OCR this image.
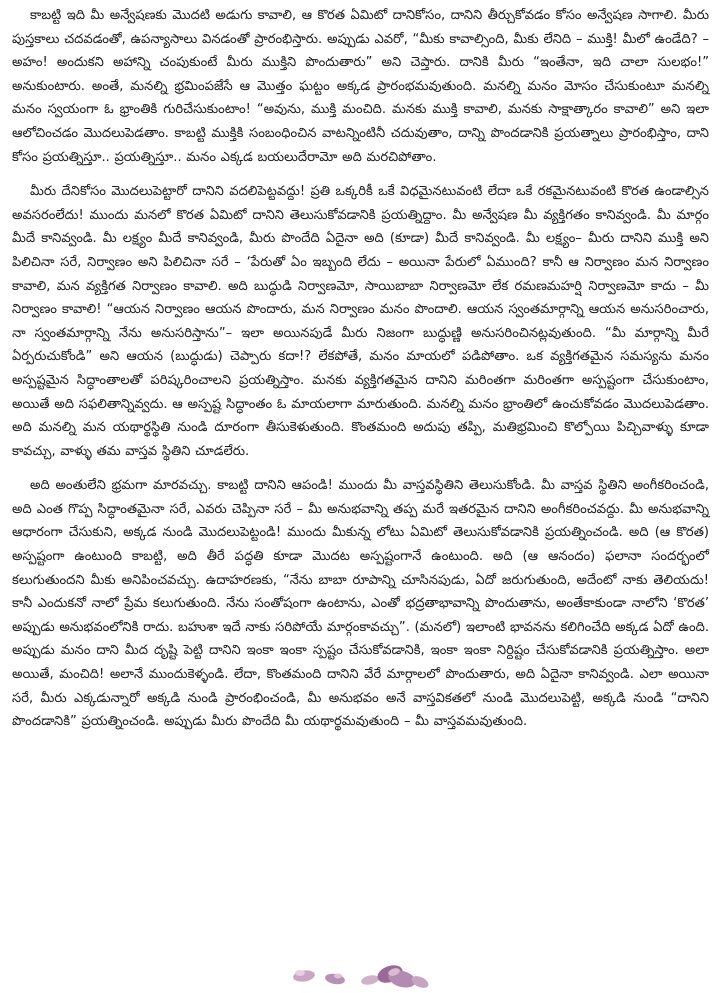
కాబట్టి ఇది మీ అన్వేషణకు మొదటి అడుగు కావాలి, ఆ కొరత ఏమిటో దానికోసం, దానిని తీర్చుకోవడం కోసం అన్వేషణ సాగాలి. మీరు పుస్తకాలు చదవడంతో, ఉపన్యాసాలు వినడంతో ప్రారంభిస్తారు. అప్పుడు ఎవరో, “మీకు కావాల్సింది, మీకు లేనిది – ముక్తి! మీలో ఉండేది? – అహం! అందుకని అహాన్ని చంపుకుంటే మీరు ముక్తిని పొందుతారు” అని చెప్తారు. దానికి మీరు “ఇంతేనా, ఇది చాలా సులభం!” అనుకుంటారు. అంతే, మనల్ని భ్రమింపజేసే ఆ మొత్తం ఘట్టం అక్కడ ప్రారంభమవుతుంది. మనల్ని మనం మోసం చేసుకుంటూ మనల్ని మనం స్వయంగా ఓ భ్రాంతికి గురిచేసుకుంటాం! “అవును, ముక్తి మంచిది. మనకు ముక్తి కావాలి, మనకు సాక్షాత్కారం కావాలి” అని ఇలా ఆలోచించడం మొదలుపెడతాం. కాబట్టి ముక్తికి సంబంధించిన వాటన్నింటినీ చదువుతాం, దాన్ని పొందడానికి ప్రయత్నాలు ప్రారంభిస్తాం, దాని కోసం ప్రయత్నిస్తూ.. ప్రయత్నిస్తూ.. మనం ఎక్కడ బయలుదేరామో అది మరచిపోతాం.

మీరు దేనికోసం మొదలుపెట్టారో దానిని వదలిపెట్టవద్దు! ప్రతి ఒక్కరికీ ఒకే విధమైనటువంటి లేదా ఒకే రకమైనటువంటి కొరత ఉండాల్సిన అవసరంలేదు! ముందు మనలో కొరత ఏమిటో దానిని తెలుసుకోవడానికి ప్రయత్నిద్దాం. మీ అన్వేషణ మీ వ్యక్తిగతం కానివ్వండి. మీ మార్గం మీదే కానివ్వండి. మీ లక్ష్యం మీదే కానివ్వండి, మీరు పొందేది ఏదైనా అది (కూడా) మీదే కానివ్వండి. మీ లక్ష్యం– మీరు దానిని ముక్తి అని పిలిచినా సరే, నిర్వాణం అని పిలిచినా సరే – ‘పేరుతో ఏం ఇబ్బంది లేదు – అయినా పేరులో ఏముంది? కానీ ఆ నిర్వాణం మన నిర్వాణం కావాలి, మన వ్యక్తిగత నిర్వాణం కావాలి. అది బుద్ధుడి నిర్వాణమో, సాయిబాబా నిర్వాణమో లేక రమణమహర్షి నిర్వాణమో కాదు – మీ నిర్వాణం కావాలి! “ఆయన నిర్వాణం ఆయన పొందారు, మన నిర్వాణం మనం పొందాలి. ఆయన స్వంతమార్గాన్ని ఆయన అనుసరించారు, నా స్వంతమార్గాన్ని నేను అనుసరిస్తాను”– ఇలా అయినపుడే మీరు నిజంగా బుద్ధుణ్ణి అనుసరించినట్లవుతుంది. “మీ మార్గాన్ని మీరే ఏర్పరుచుకోండి” అని ఆయన (బుద్ధుడు) చెప్పారు కదా!? లేకపోతే, మనం మాయలో పడిపోతాం. ఒక వ్యక్తిగతమైన సమస్యను మనం అస్పష్టమైన సిద్ధాంతాలతో పరిష్కరించాలని ప్రయత్నిస్తాం. మనకు వ్యక్తిగతమైన దానిని మరింతగా మరింతగా అస్పష్టంగా చేసుకుంటాం, అయితే అది సఫలితాన్నివ్వదు. ఆ అస్పష్ట సిద్ధాంతం ఓ మాయలాగా మారుతుంది. మనల్ని మనం భ్రాంతిలో ఉంచుకోవడం మొదలుపెడతాం. అది మనల్ని మన యథార్థస్థితి నుండి దూరంగా తీసుకెళుతుంది. కొంతమంది అదుపు తప్పి, మతిభ్రమించి కొల్పోయి పిచ్చివాళ్ళు కూడా కావచ్చు, వాళ్ళు తమ వాస్తవ స్థితిని చూడలేరు.

అది అంతులేని భ్రమగా మారవచ్చు. కాబట్టి దానిని ఆపండి! ముందు మీ వాస్తవస్థితిని తెలుసుకోండి. మీ వాస్తవ స్థితిని అంగీకరించండి, అది ఎంత గొప్ప సిద్ధాంతమైనా సరే, ఎవరు చెప్పినా సరే – మీ అనుభవాన్ని తప్ప మరే ఇతరమైన దానిని అంగీకరించవద్దు. మీ అనుభవాన్ని ఆధారంగా చేసుకుని, అక్కడ నుండి మొదలుపెట్టండి! ముందు మీకున్న లోటు ఏమిటో తెలుసుకోవడానికి ప్రయత్నించండి. అది (ఆ కొరత) అస్పష్టంగా ఉంటుంది కాబట్టి, అది తీరే పద్ధతి కూడా మొదట అస్పష్టంగానే ఉంటుంది. అది (ఆ ఆనందం) ఫలానా సందర్భంలో కలుగుతుందని మీకు అనిపించవచ్చు. ఉదాహరణకు, “నేను బాబా రూపాన్ని చూసినపుడు, ఏదో జరుగుతుంది, అదేంటో నాకు తెలియదు! కానీ ఎందుకనో నాలో ప్రేమ కలుగుతుంది. నేను సంతోషంగా ఉంటాను, ఎంతో భద్రతాభావాన్ని పొందుతాను, అంతేకాకుండా నాలోని ‘కొరత’ అప్పుడు అనుభవంలోనికి రాదు. బహుశా ఇదే నాకు సరిపోయే మార్గంకావచ్చు”. (మనలో) ఇలాంటి భావనను కలిగించేది అక్కడ ఏదో ఉంది. అప్పుడు మనం దాని మీద దృష్టి పెట్టి దానిని ఇంకా ఇంకా స్పష్టం చేసుకోవడానికి, ఇంకా ఇంకా నిర్దిష్టం చేసుకోవడానికి ప్రయత్నిస్తాం. అలా అయితే, మంచిది! అలానే ముందుకెళ్ళండి. లేదా, కొంతమంది దానిని వేరే మార్గాలలో పొందుతారు, అది ఏదైనా కానివ్వండి. ఎలా అయినా సరే, మీరు ఎక్కడున్నారో అక్కడి నుండి ప్రారంభించండి, మీ అనుభవం అనే వాస్తవికతలో నుండి మొదలుపెట్టి, అక్కడి నుండి “దానిని పొందడానికి” ప్రయత్నించండి. అప్పుడు మీరు పొందేది మీ యథార్థమవుతుంది – మీ వాస్తవమవుతుంది.
